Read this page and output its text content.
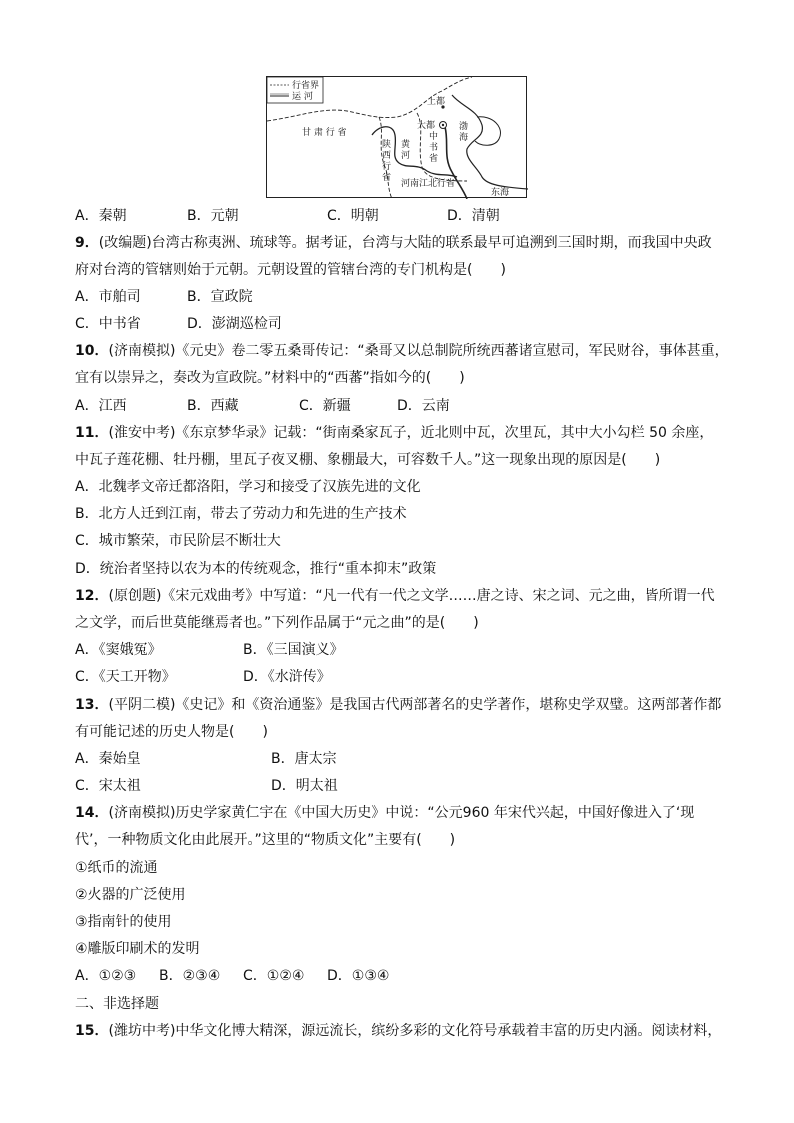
行省界
运 河	上都
大都
甘 肃 行 省
陕
西
行
省
黄
河
中
书
省
渤
海
河南江北行省
东海
A．秦朝	B．元朝	C．明朝	D．清朝
9．(改编题)台湾古称夷洲、琉球等。据考证，台湾与大陆的联系最早可追溯到三国时期，而我国中央政
府对台湾的管辖则始于元朝。元朝设置的管辖台湾的专门机构是(　　)
A．市舶司	B．宣政院
C．中书省	D．澎湖巡检司
10．(济南模拟)《元史》卷二零五桑哥传记：“桑哥又以总制院所统西蕃诸宣慰司，军民财谷，事体甚重，
宜有以崇异之，奏改为宣政院。”材料中的“西蕃”指如今的(　　)
A．江西	B．西藏	C．新疆	D．云南
11．(淮安中考)《东京梦华录》记载：“街南桑家瓦子，近北则中瓦，次里瓦，其中大小勾栏 50 余座，
中瓦子莲花棚、牡丹棚，里瓦子夜叉棚、象棚最大，可容数千人。”这一现象出现的原因是(　　)
A．北魏孝文帝迁都洛阳，学习和接受了汉族先进的文化
B．北方人迁到江南，带去了劳动力和先进的生产技术
C．城市繁荣，市民阶层不断壮大
D．统治者坚持以农为本的传统观念，推行“重本抑末”政策
12．(原创题)《宋元戏曲考》中写道：“凡一代有一代之文学……唐之诗、宋之词、元之曲，皆所谓一代
之文学，而后世莫能继焉者也。”下列作品属于“元之曲”的是(　　)
A．《窦娥冤》	B．《三国演义》
C．《天工开物》	D．《水浒传》
13．(平阴二模)《史记》和《资治通鉴》是我国古代两部著名的史学著作，堪称史学双璧。这两部著作都
有可能记述的历史人物是(　　)
A．秦始皇	B．唐太宗
C．宋太祖	D．明太祖
14．(济南模拟)历史学家黄仁宇在《中国大历史》中说：“公元960 年宋代兴起，中国好像进入了‘现
代’，一种物质文化由此展开。”这里的“物质文化”主要有(　　)
①纸币的流通
②火器的广泛使用
③指南针的使用
④雕版印刷术的发明
A．①②③ B．②③④ C．①②④ D．①③④
二、非选择题
15．(潍坊中考)中华文化博大精深，源远流长，缤纷多彩的文化符号承载着丰富的历史内涵。阅读材料，
